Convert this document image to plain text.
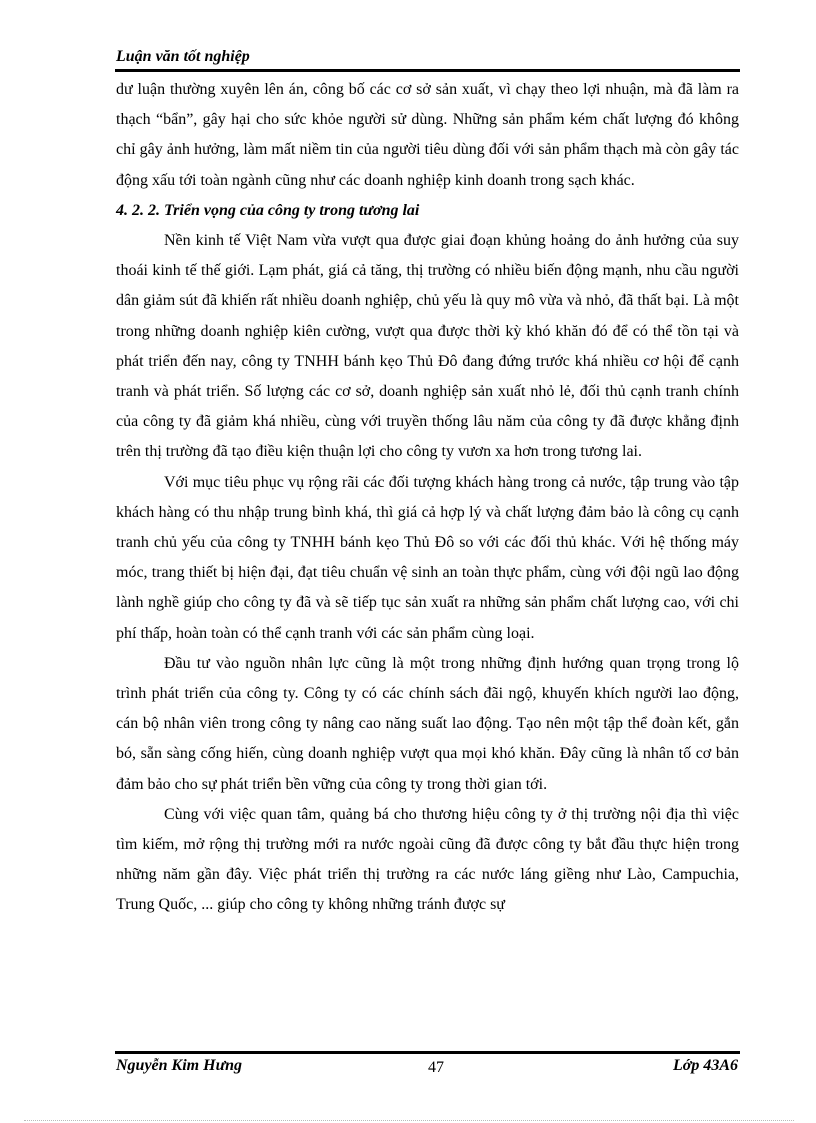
Luận văn tốt nghiệp

dư luận thường xuyên lên án, công bố các cơ sở sản xuất, vì chạy theo lợi nhuận, mà đã làm ra thạch “bẩn”, gây hại cho sức khỏe người sử dùng. Những sản phẩm kém chất lượng đó không chỉ gây ảnh hưởng, làm mất niềm tin của người tiêu dùng đối với sản phẩm thạch mà còn gây tác động xấu tới toàn ngành cũng như các doanh nghiệp kinh doanh trong sạch khác.

4. 2. 2. Triển vọng của công ty trong tương lai

Nền kinh tế Việt Nam vừa vượt qua được giai đoạn khủng hoảng do ảnh hưởng của suy thoái kinh tế thế giới. Lạm phát, giá cả tăng, thị trường có nhiều biến động mạnh, nhu cầu người dân giảm sút đã khiến rất nhiều doanh nghiệp, chủ yếu là quy mô vừa và nhỏ, đã thất bại. Là một trong những doanh nghiệp kiên cường, vượt qua được thời kỳ khó khăn đó để có thể tồn tại và phát triển đến nay, công ty TNHH bánh kẹo Thủ Đô đang đứng trước khá nhiều cơ hội để cạnh tranh và phát triển. Số lượng các cơ sở, doanh nghiệp sản xuất nhỏ lẻ, đối thủ cạnh tranh chính của công ty đã giảm khá nhiều, cùng với truyền thống lâu năm của công ty đã được khẳng định trên thị trường đã tạo điều kiện thuận lợi cho công ty vươn xa hơn trong tương lai.

Với mục tiêu phục vụ rộng rãi các đối tượng khách hàng trong cả nước, tập trung vào tập khách hàng có thu nhập trung bình khá, thì giá cả hợp lý và chất lượng đảm bảo là công cụ cạnh tranh chủ yếu của công ty TNHH bánh kẹo Thủ Đô so với các đối thủ khác. Với hệ thống máy móc, trang thiết bị hiện đại, đạt tiêu chuẩn vệ sinh an toàn thực phẩm, cùng với đội ngũ lao động lành nghề giúp cho công ty đã và sẽ tiếp tục sản xuất ra những sản phẩm chất lượng cao, với chi phí thấp, hoàn toàn có thể cạnh tranh với các sản phẩm cùng loại.

Đầu tư vào nguồn nhân lực cũng là một trong những định hướng quan trọng trong lộ trình phát triển của công ty. Công ty có các chính sách đãi ngộ, khuyến khích người lao động, cán bộ nhân viên trong công ty nâng cao năng suất lao động. Tạo nên một tập thể đoàn kết, gắn bó, sẵn sàng cống hiến, cùng doanh nghiệp vượt qua mọi khó khăn. Đây cũng là nhân tố cơ bản đảm bảo cho sự phát triển bền vững của công ty trong thời gian tới.

Cùng với việc quan tâm, quảng bá cho thương hiệu công ty ở thị trường nội địa thì việc tìm kiếm, mở rộng thị trường mới ra nước ngoài cũng đã được công ty bắt đầu thực hiện trong những năm gần đây. Việc phát triển thị trường ra các nước láng giềng như Lào, Campuchia, Trung Quốc, ... giúp cho công ty không những tránh được sự

Nguyễn Kim Hưng	47	Lớp 43A6
